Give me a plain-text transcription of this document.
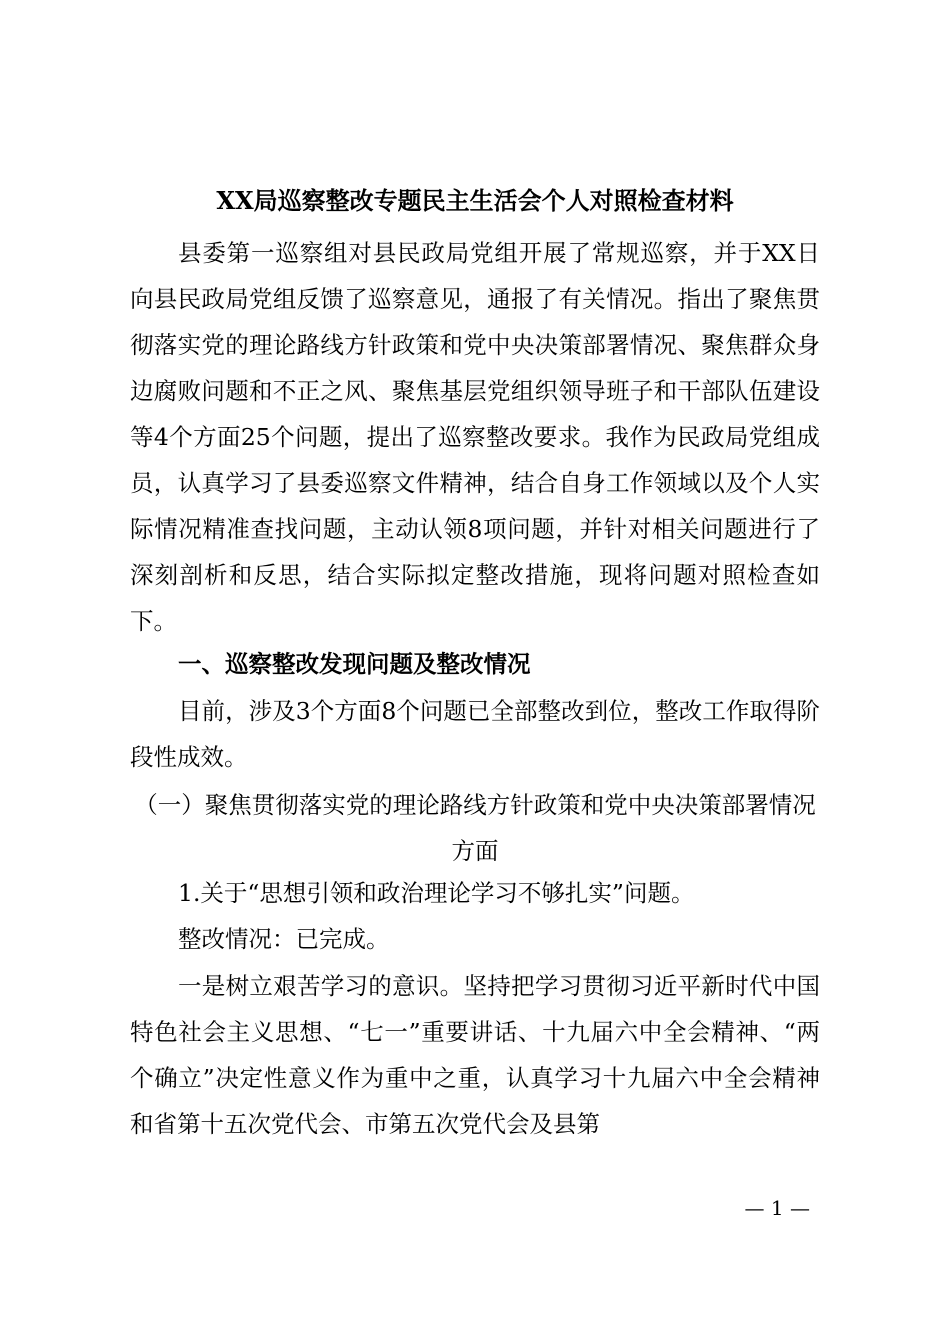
XX局巡察整改专题民主生活会个人对照检查材料
县委第一巡察组对县民政局党组开展了常规巡察，并于XX日向县民政局党组反馈了巡察意见，通报了有关情况。指出了聚焦贯彻落实党的理论路线方针政策和党中央决策部署情况、聚焦群众身边腐败问题和不正之风、聚焦基层党组织领导班子和干部队伍建设等4个方面25个问题，提出了巡察整改要求。我作为民政局党组成员，认真学习了县委巡察文件精神，结合自身工作领域以及个人实际情况精准查找问题，主动认领8项问题，并针对相关问题进行了深刻剖析和反思，结合实际拟定整改措施，现将问题对照检查如下。
一、巡察整改发现问题及整改情况
目前，涉及3个方面8个问题已全部整改到位，整改工作取得阶段性成效。
（一）聚焦贯彻落实党的理论路线方针政策和党中央决策部署情况方面
1.关于“思想引领和政治理论学习不够扎实”问题。
整改情况：已完成。
一是树立艰苦学习的意识。坚持把学习贯彻习近平新时代中国特色社会主义思想、“七一”重要讲话、十九届六中全会精神、“两个确立”决定性意义作为重中之重，认真学习十九届六中全会精神和省第十五次党代会、市第五次党代会及县第
— 1 —
